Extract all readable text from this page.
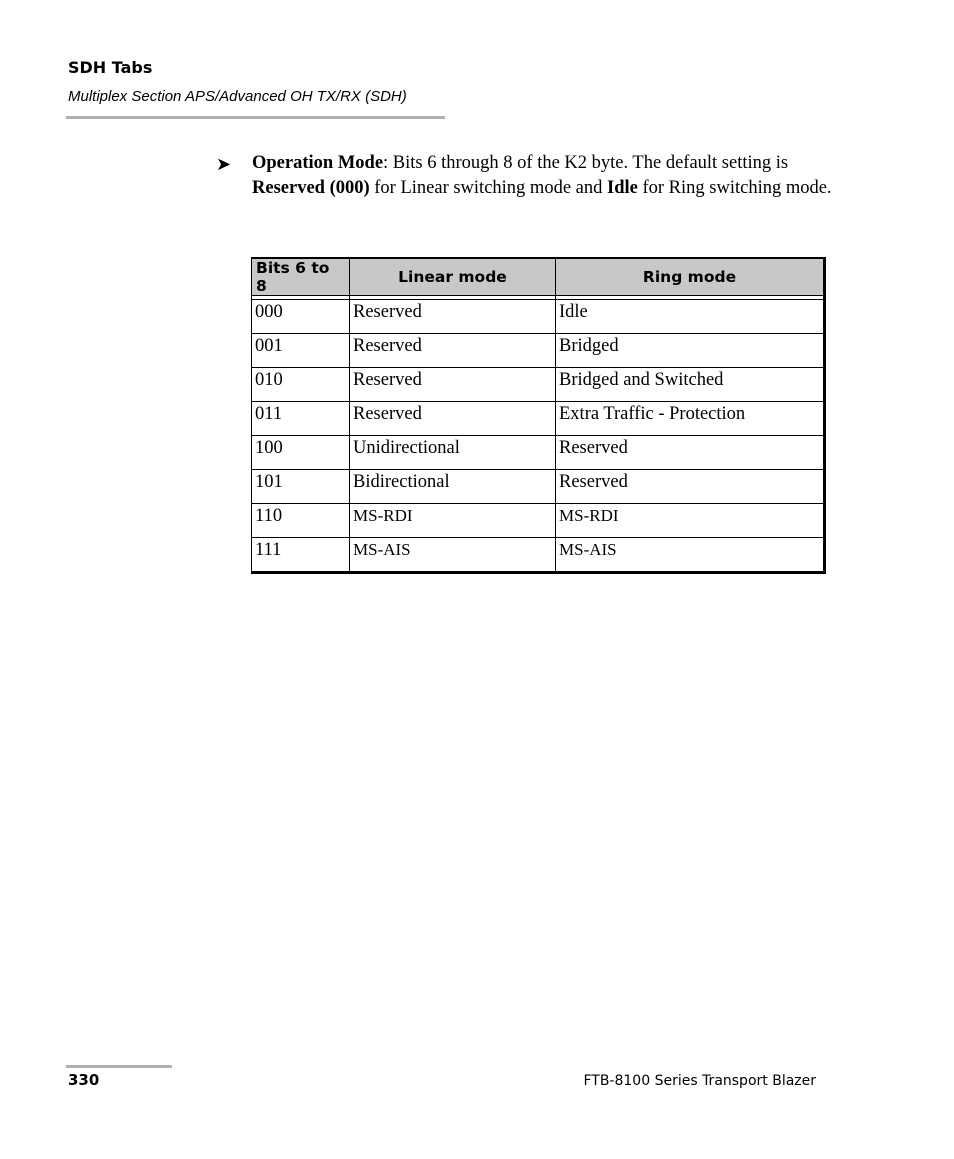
SDH Tabs
Multiplex Section APS/Advanced OH TX/RX (SDH)
➤ Operation Mode: Bits 6 through 8 of the K2 byte. The default setting is Reserved (000) for Linear switching mode and Idle for Ring switching mode.
Bits 6 to 8	Linear mode	Ring mode

000	Reserved	Idle
001	Reserved	Bridged
010	Reserved	Bridged and Switched
011	Reserved	Extra Traffic - Protection
100	Unidirectional	Reserved
101	Bidirectional	Reserved
110	MS-RDI	MS-RDI
111	MS-AIS	MS-AIS
330	FTB-8100 Series Transport Blazer
